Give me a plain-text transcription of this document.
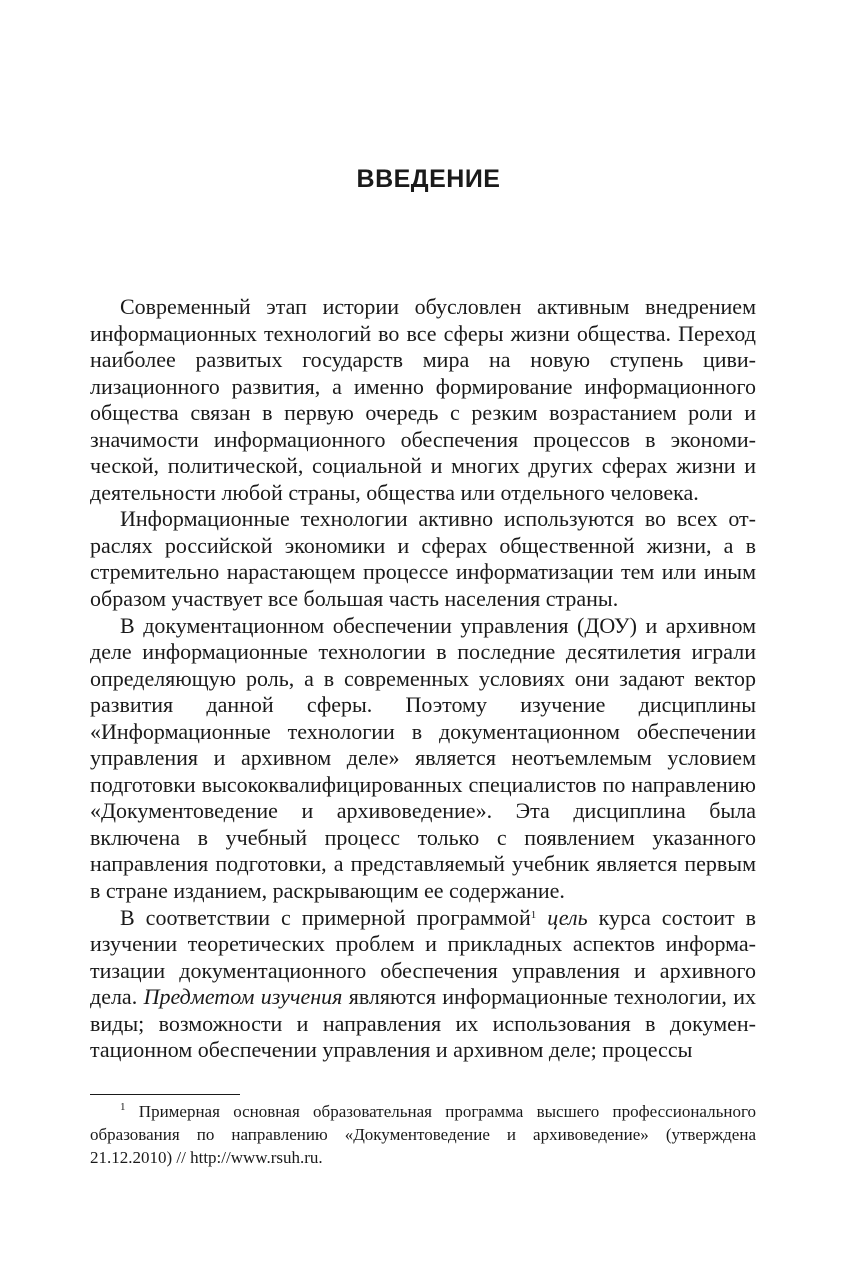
ВВЕДЕНИЕ

Современный этап истории обусловлен активным внедрением информационных технологий во все сферы жизни общества. Переход наиболее развитых государств мира на новую ступень цивилизационного развития, а именно формирование информационного общества связан в первую очередь с резким возрастанием роли и значимости информационного обеспечения процессов в экономической, политической, социальной и многих других сферах жизни и деятельности любой страны, общества или отдельного человека.

Информационные технологии активно используются во всех отраслях российской экономики и сферах общественной жизни, а в стремительно нарастающем процессе информатизации тем или иным образом участвует все большая часть населения страны.

В документационном обеспечении управления (ДОУ) и архивном деле информационные технологии в последние десятилетия играли определяющую роль, а в современных условиях они задают вектор развития данной сферы. Поэтому изучение дисциплины «Информационные технологии в документационном обеспечении управления и архивном деле» является неотъемлемым условием подготовки высококвалифицированных специалистов по направлению «Документоведение и архивоведение». Эта дисциплина была включена в учебный процесс только с появлением указанного направления подготовки, а представляемый учебник является первым в стране изданием, раскрывающим ее содержание.

В соответствии с примерной программой$^1$ цель курса состоит в изучении теоретических проблем и прикладных аспектов информатизации документационного обеспечения управления и архивного дела. Предметом изучения являются информационные технологии, их виды; возможности и направления их использования в документационном обеспечении управления и архивном деле; процессы

$^1$ Примерная основная образовательная программа высшего профессионального образования по направлению «Документоведение и архивоведение» (утверждена 21.12.2010) // http://www.rsuh.ru.
